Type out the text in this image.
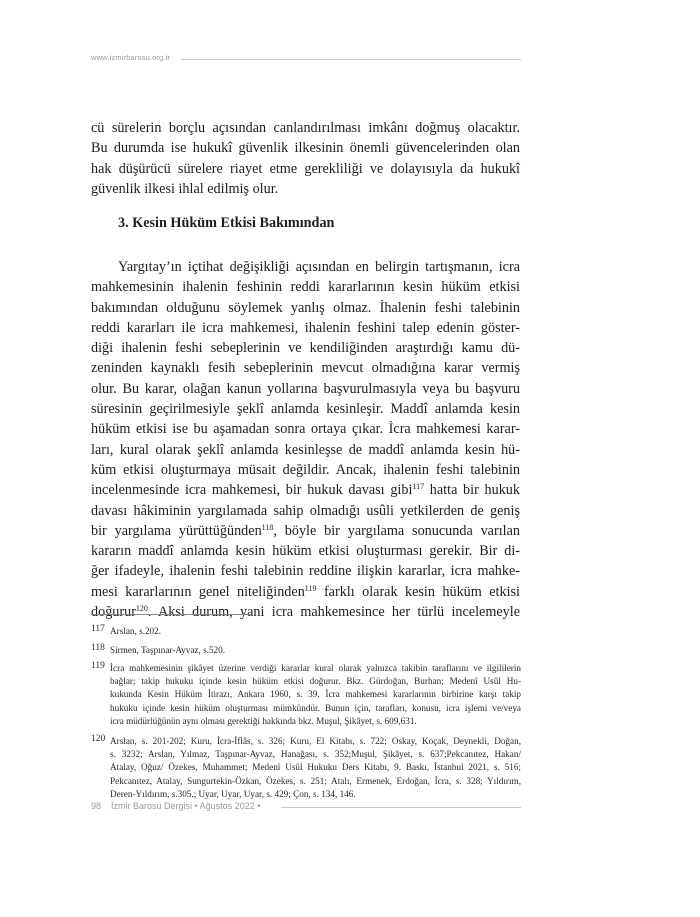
www.izmirbarosu.org.tr
cü sürelerin borçlu açısından canlandırılması imkânı doğmuş olacaktır.
Bu durumda ise hukukî güvenlik ilkesinin önemli güvencelerinden olan
hak düşürücü sürelere riayet etme gerekliliği ve dolayısıyla da hukukî
güvenlik ilkesi ihlal edilmiş olur.
3. Kesin Hüküm Etkisi Bakımından
Yargıtay’ın içtihat değişikliği açısından en belirgin tartışmanın, icra
mahkemesinin ihalenin feshinin reddi kararlarının kesin hüküm etkisi
bakımından olduğunu söylemek yanlış olmaz. İhalenin feshi talebinin
reddi kararları ile icra mahkemesi, ihalenin feshini talep edenin göster-
diği ihalenin feshi sebeplerinin ve kendiliğinden araştırdığı kamu dü-
zeninden kaynaklı fesih sebeplerinin mevcut olmadığına karar vermiş
olur. Bu karar, olağan kanun yollarına başvurulmasıyla veya bu başvuru
süresinin geçirilmesiyle şeklî anlamda kesinleşir. Maddî anlamda kesin
hüküm etkisi ise bu aşamadan sonra ortaya çıkar. İcra mahkemesi karar-
ları, kural olarak şeklî anlamda kesinleşse de maddî anlamda kesin hü-
küm etkisi oluşturmaya müsait değildir. Ancak, ihalenin feshi talebinin
incelenmesinde icra mahkemesi, bir hukuk davası gibi$^{117}$ hatta bir hukuk
davası hâkiminin yargılamada sahip olmadığı usûli yetkilerden de geniş
bir yargılama yürüttüğünden$^{118}$, böyle bir yargılama sonucunda varılan
kararın maddî anlamda kesin hüküm etkisi oluşturması gerekir. Bir di-
ğer ifadeyle, ihalenin feshi talebinin reddine ilişkin kararlar, icra mahke-
mesi kararlarının genel niteliğinden$^{119}$ farklı olarak kesin hüküm etkisi
doğurur$^{120}$. Aksi durum, yani icra mahkemesince her türlü incelemeyle
117 Arslan, s.202.
118 Sirmen, Taşpınar-Ayvaz, s.520.
119 İcra mahkemesinin şikâyet üzerine verdiği kararlar kural olarak yalnızca takibin taraflarını ve ilgililerin
bağlar; takip hukuku içinde kesin hüküm etkisi doğurur. Bkz. Gürdoğan, Burhan; Medenî Usûl Hu-
kukunda Kesin Hüküm İtirazı, Ankara 1960, s. 39. İcra mahkemesi kararlarının birbirine karşı takip
hukuku içinde kesin hüküm oluşturması mümkündür. Bunun için, tarafları, konusu, icra işlemi ve/veya
icra müdürlüğünün aynı olması gerektiği hakkında bkz. Muşul, Şikâyet, s. 609,631.
120 Arslan, s. 201-202; Kuru, İcra-İflâs, s. 326; Kuru, El Kitabı, s. 722; Oskay, Koçak, Deynekli, Doğan,
s. 3232; Arslan, Yılmaz, Taşpınar-Ayvaz, Hanağası, s. 352;Muşul, Şikâyet, s. 637;Pekcanıtez, Hakan/
Atalay, Oğuz/ Özekes, Muhammet; Medenî Usûl Hukuku Ders Kitabı, 9. Baskı, İstanbul 2021, s. 516;
Pekcanıtez, Atalay, Sungurtekin-Özkan, Özekes, s. 251; Atalı, Ermenek, Erdoğan, İcra, s. 328; Yıldırım,
Deren-Yıldırım, s.305.; Uyar, Uyar, Uyar, s. 429; Çon, s. 134, 146.
98 İzmir Barosu Dergisi • Ağustos 2022 •
